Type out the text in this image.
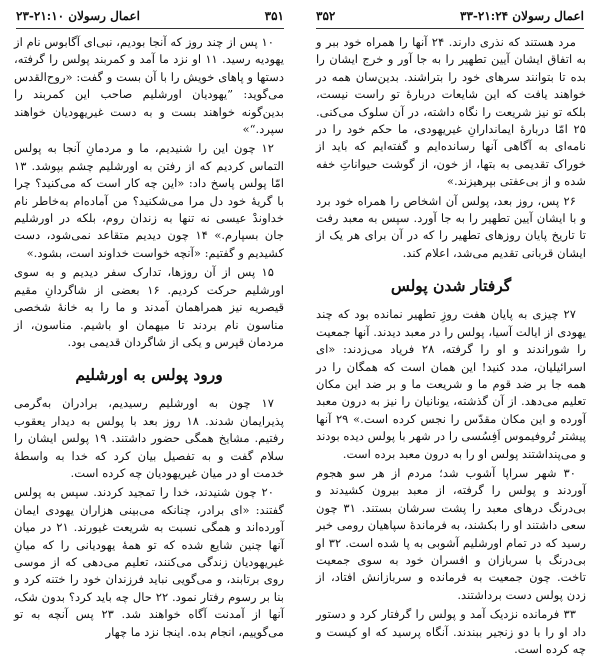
اعمال رسولان ۲۱:۲۴-۳۳
۳۵۲

مرد هستند که نذری دارند. ۲۴ آنها را همراه خود ببر و به اتفاق ایشان آیین تطهیر را به جا آور و خرج ایشان را بده تا بتوانند سرهای خود را بتراشند. بدین‌سان همه در خواهند یافت که این شایعات دربارهٔ تو راست نیست، بلکه تو نیز شریعت را نگاه داشته، در آن سلوک می‌کنی. ۲۵ امّا دربارهٔ ایماندارانِ غیریهودی، ما حکم خود را در نامه‌ای به آگاهی آنها رسانده‌ایم و گفته‌ایم که باید از خوراک تقدیمی به بتها، از خون، از گوشت حیواناتِ خفه شده و از بی‌عفتی بپرهیزند.»

۲۶ پس، روز بعد، پولس آن اشخاص را همراه خود برد و با ایشان آیین تطهیر را به جا آورد. سپس به معبد رفت تا تاریخ پایان روزهای تطهیر را که در آن برای هر یک از ایشان قربانی تقدیم می‌شد، اعلام کند.

گرفتار شدن پولس

۲۷ چیزی به پایان هفت روزِ تطهیر نمانده بود که چند یهودی از ایالت آسیا، پولس را در معبد دیدند. آنها جمعیت را شوراندند و او را گرفته، ۲۸ فریاد می‌زدند: «ای اسرائیلیان، مدد کنید! این همان است که همگان را در همه جا بر ضد قوم ما و شریعت ما و بر ضد این مکان تعلیم می‌دهد. از آن گذشته، یونانیان را نیز به درون معبد آورده و این مکان مقدّس را نجس کرده است.» ۲۹ آنها پیشتر تُروفیموس اَفِسُسی را در شهر با پولس دیده بودند و می‌پنداشتند پولس او را به درون معبد برده است.

۳۰ شهر سراپا آشوب شد؛ مردم از هر سو هجوم آوردند و پولس را گرفته، از معبد بیرون کشیدند و بی‌درنگ درهای معبد را پشت سرشان بستند. ۳۱ چون سعی داشتند او را بکشند، به فرماندهٔ سپاهیان رومی خبر رسید که در تمام اورشلیم آشوبی به پا شده است. ۳۲ او بی‌درنگ با سربازان و افسران خود به سوی جمعیت تاخت. چون جمعیت به فرمانده و سربازانش افتاد، از زدن پولس دست برداشتند.

۳۳ فرمانده نزدیک آمد و پولس را گرفتار کرد و دستور داد او را با دو زنجیر ببندند. آنگاه پرسید که او کیست و چه کرده است.

۳۵۱
اعمال رسولان ۲۱:۱۰-۲۳

۱۰ پس از چند روز که آنجا بودیم، نبی‌ای آگابوس نام از یهودیه رسید. ۱۱ او نزد ما آمد و کمربند پولس را گرفته، دستها و پاهای خویش را با آن بست و گفت: «روح‌القدس می‌گوید: ”یهودیان اورشلیم صاحب این کمربند را بدین‌گونه خواهند بست و به دست غیریهودیان خواهند سپرد.“»

۱۲ چون این را شنیدیم، ما و مردمانِ آنجا به پولس التماس کردیم که از رفتن به اورشلیم چشم بپوشد. ۱۳ امّا پولس پاسخ داد: «این چه کار است که می‌کنید؟ چرا با گریهٔ خود دل مرا می‌شکنید؟ من آماده‌ام به‌خاطر نام خداوندْ عیسی نه تنها به زندان روم، بلکه در اورشلیم جان بسپارم.» ۱۴ چون دیدیم متقاعد نمی‌شود، دست کشیدیم و گفتیم: «آنچه خواست خداوند است، بشود.»

۱۵ پس از آن روزها، تدارک سفر دیدیم و به سوی اورشلیم حرکت کردیم. ۱۶ بعضی از شاگردانِ مقیم قیصریه نیز همراهمان آمدند و ما را به خانهٔ شخصی مناسون نام بردند تا میهمان او باشیم. مناسون، از مردمان قپرس و یکی از شاگردان قدیمی بود.

ورود پولس به اورشلیم

۱۷ چون به اورشلیم رسیدیم، برادران به‌گرمی پذیرایمان شدند. ۱۸ روز بعد با پولس به دیدار یعقوب رفتیم. مشایخ همگی حضور داشتند. ۱۹ پولس ایشان را سلام گفت و به تفصیل بیان کرد که خدا به واسطهٔ خدمت او در میان غیریهودیان چه کرده است.

۲۰ چون شنیدند، خدا را تمجید کردند. سپس به پولس گفتند: «ای برادر، چنانکه می‌بینی هزاران یهودی ایمان آورده‌اند و همگی نسبت به شریعت غیورند. ۲۱ در میان آنها چنین شایع شده که تو همهٔ یهودیانی را که میانِ غیریهودیان زندگی می‌کنند، تعلیم می‌دهی که از موسی روی برتابند، و می‌گویی نباید فرزندان خود را ختنه کرد و بنا بر رسوم رفتار نمود. ۲۲ حال چه باید کرد؟ بدون شک، آنها از آمدنت آگاه خواهند شد. ۲۳ پس آنچه به تو می‌گوییم، انجام بده. اینجا نزد ما چهار
